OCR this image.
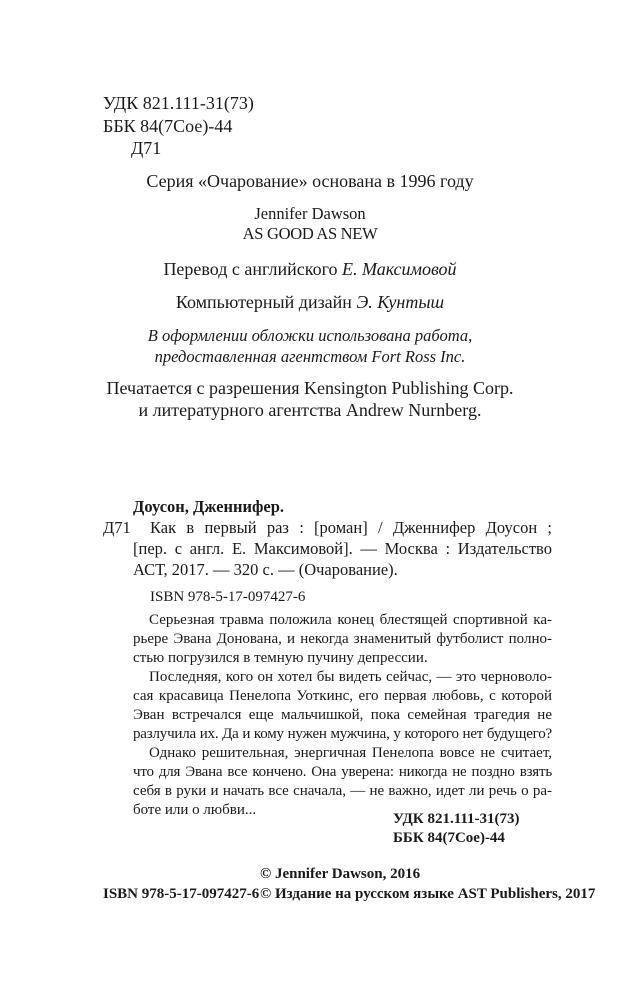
УДК 821.111-31(73)
ББК 84(7Сое)-44
Д71
Серия «Очарование» основана в 1996 году
Jennifer Dawson
AS GOOD AS NEW
Перевод с английского Е. Максимовой
Компьютерный дизайн Э. Кунтыш
В оформлении обложки использована работа,
предоставленная агентством Fort Ross Inc.
Печатается с разрешения Kensington Publishing Corp.
и литературного агентства Andrew Nurnberg.
Доусон, Дженнифер.
Д71 Как в первый раз : [роман] / Дженнифер Доусон ;
[пер. с англ. Е. Максимовой]. — Москва : Издательство
АСТ, 2017. — 320 с. — (Очарование).
ISBN 978-5-17-097427-6
Серьезная травма положила конец блестящей спортивной ка-
рьере Эвана Донована, и некогда знаменитый футболист полно-
стью погрузился в темную пучину депрессии.
Последняя, кого он хотел бы видеть сейчас, — это черноволо-
сая красавица Пенелопа Уоткинс, его первая любовь, с которой
Эван встречался еще мальчишкой, пока семейная трагедия не
разлучила их. Да и кому нужен мужчина, у которого нет будущего?
Однако решительная, энергичная Пенелопа вовсе не считает,
что для Эвана все кончено. Она уверена: никогда не поздно взять
себя в руки и начать все сначала, — не важно, идет ли речь о ра-
боте или о любви...
УДК 821.111-31(73)
ББК 84(7Сое)-44
© Jennifer Dawson, 2016
ISBN 978-5-17-097427-6 © Издание на русском языке AST Publishers, 2017
